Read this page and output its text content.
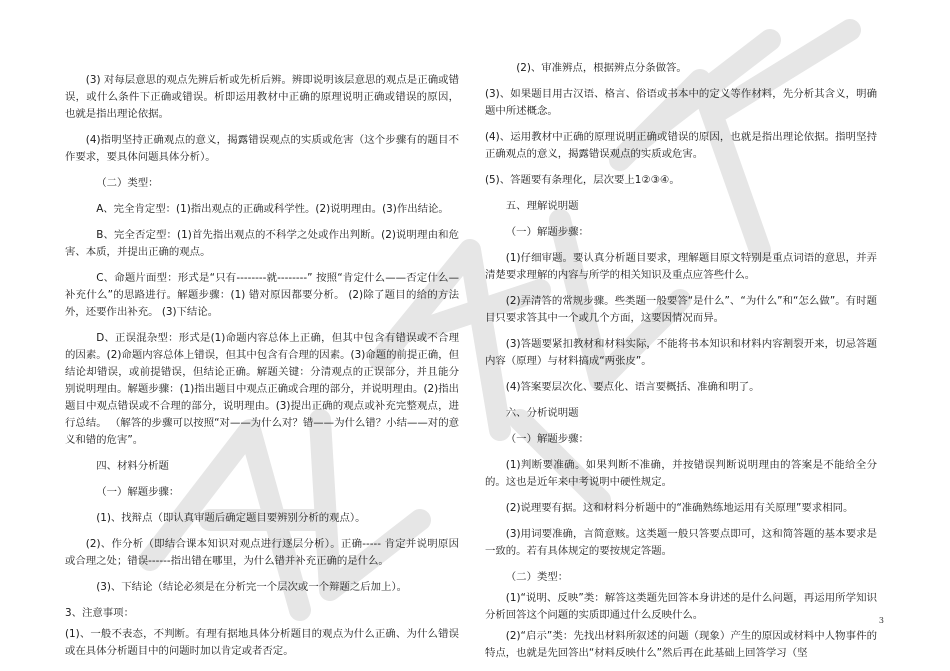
(3) 对每层意思的观点先辨后析或先析后辨。辨即说明该层意思的观点是正确或错误，或什么条件下正确或错误。析即运用教材中正确的原理说明正确或错误的原因，也就是指出理论依据。

(4)指明坚持正确观点的意义，揭露错误观点的实质或危害（这个步骤有的题目不作要求，要具体问题具体分析）。

（二）类型：

A、完全肯定型：(1)指出观点的正确或科学性。(2)说明理由。(3)作出结论。

B、完全否定型：(1)首先指出观点的不科学之处或作出判断。(2)说明理由和危害、本质，并提出正确的观点。

C、命题片面型：形式是“只有--------就--------” 按照“肯定什么——否定什么—补充什么”的思路进行。解题步骤：(1) 错对原因都要分析。 (2)除了题目的给的方法外，还要作出补充。 (3)下结论。

D、正误混杂型：形式是(1)命题内容总体上正确，但其中包含有错误或不合理的因素。(2)命题内容总体上错误，但其中包含有合理的因素。(3)命题的前提正确，但结论却错误，或前提错误，但结论正确。解题关键：分清观点的正误部分，并且能分别说明理由。解题步骤：(1)指出题目中观点正确或合理的部分，并说明理由。(2)指出题目中观点错误或不合理的部分，说明理由。(3)提出正确的观点或补充完整观点，进行总结。 （解答的步骤可以按照“对——为什么对？错——为什么错？小结——对的意义和错的危害”。

四、材料分析题

（一）解题步骤：

(1)、找辩点（即认真审题后确定题目要辨别分析的观点）。

(2)、作分析（即结合课本知识对观点进行逐层分析）。正确----- 肯定并说明原因或合理之处；错误------指出错在哪里，为什么错并补充正确的是什么。

(3)、下结论（结论必须是在分析完一个层次或一个辩题之后加上）。

3、注意事项：

(1)、一般不表态，不判断。有理有据地具体分析题目的观点为什么正确、为什么错误或在具体分析题目中的问题时加以肯定或者否定。

(2)、审准辨点，根据辨点分条做答。

(3)、如果题目用古汉语、格言、俗语或书本中的定义等作材料，先分析其含义，明确题中所述概念。

(4)、运用教材中正确的原理说明正确或错误的原因，也就是指出理论依据。指明坚持正确观点的意义，揭露错误观点的实质或危害。

(5)、答题要有条理化，层次要上1②③④。

五、理解说明题

（一）解题步骤：

(1)仔细审题。要认真分析题目要求，理解题目原文特别是重点词语的意思，并弄清楚要求理解的内容与所学的相关知识及重点应答些什么。

(2)弄清答的常规步骤。些类题一般要答“是什么”、“为什么”和“怎么做”。有时题目只要求答其中一个或几个方面，这要因情况而异。

(3)答题要紧扣教材和材料实际，不能将书本知识和材料内容割裂开来，切忌答题内容（原理）与材料搞成“两张皮”。

(4)答案要层次化、要点化、语言要概括、准确和明了。

六、分析说明题

（一）解题步骤：

(1)判断要准确。如果判断不准确，并按错误判断说明理由的答案是不能给全分的。这也是近年来中考说明中硬性规定。

(2)说理要有据。这和材料分析题中的“准确熟练地运用有关原理”要求相同。

(3)用词要准确，言简意赅。这类题一般只答要点即可，这和简答题的基本要求是一致的。若有具体规定的要按规定答题。

（二）类型：

(1)“说明、反映”类：解答这类题先回答本身讲述的是什么问题，再运用所学知识分析回答这个问题的实质即通过什么反映什么。

(2)“启示”类：先找出材料所叙述的问题（现象）产生的原因或材料中人物事件的特点，也就是先回答出“材料反映什么”然后再在此基础上回答学习（坚

3
